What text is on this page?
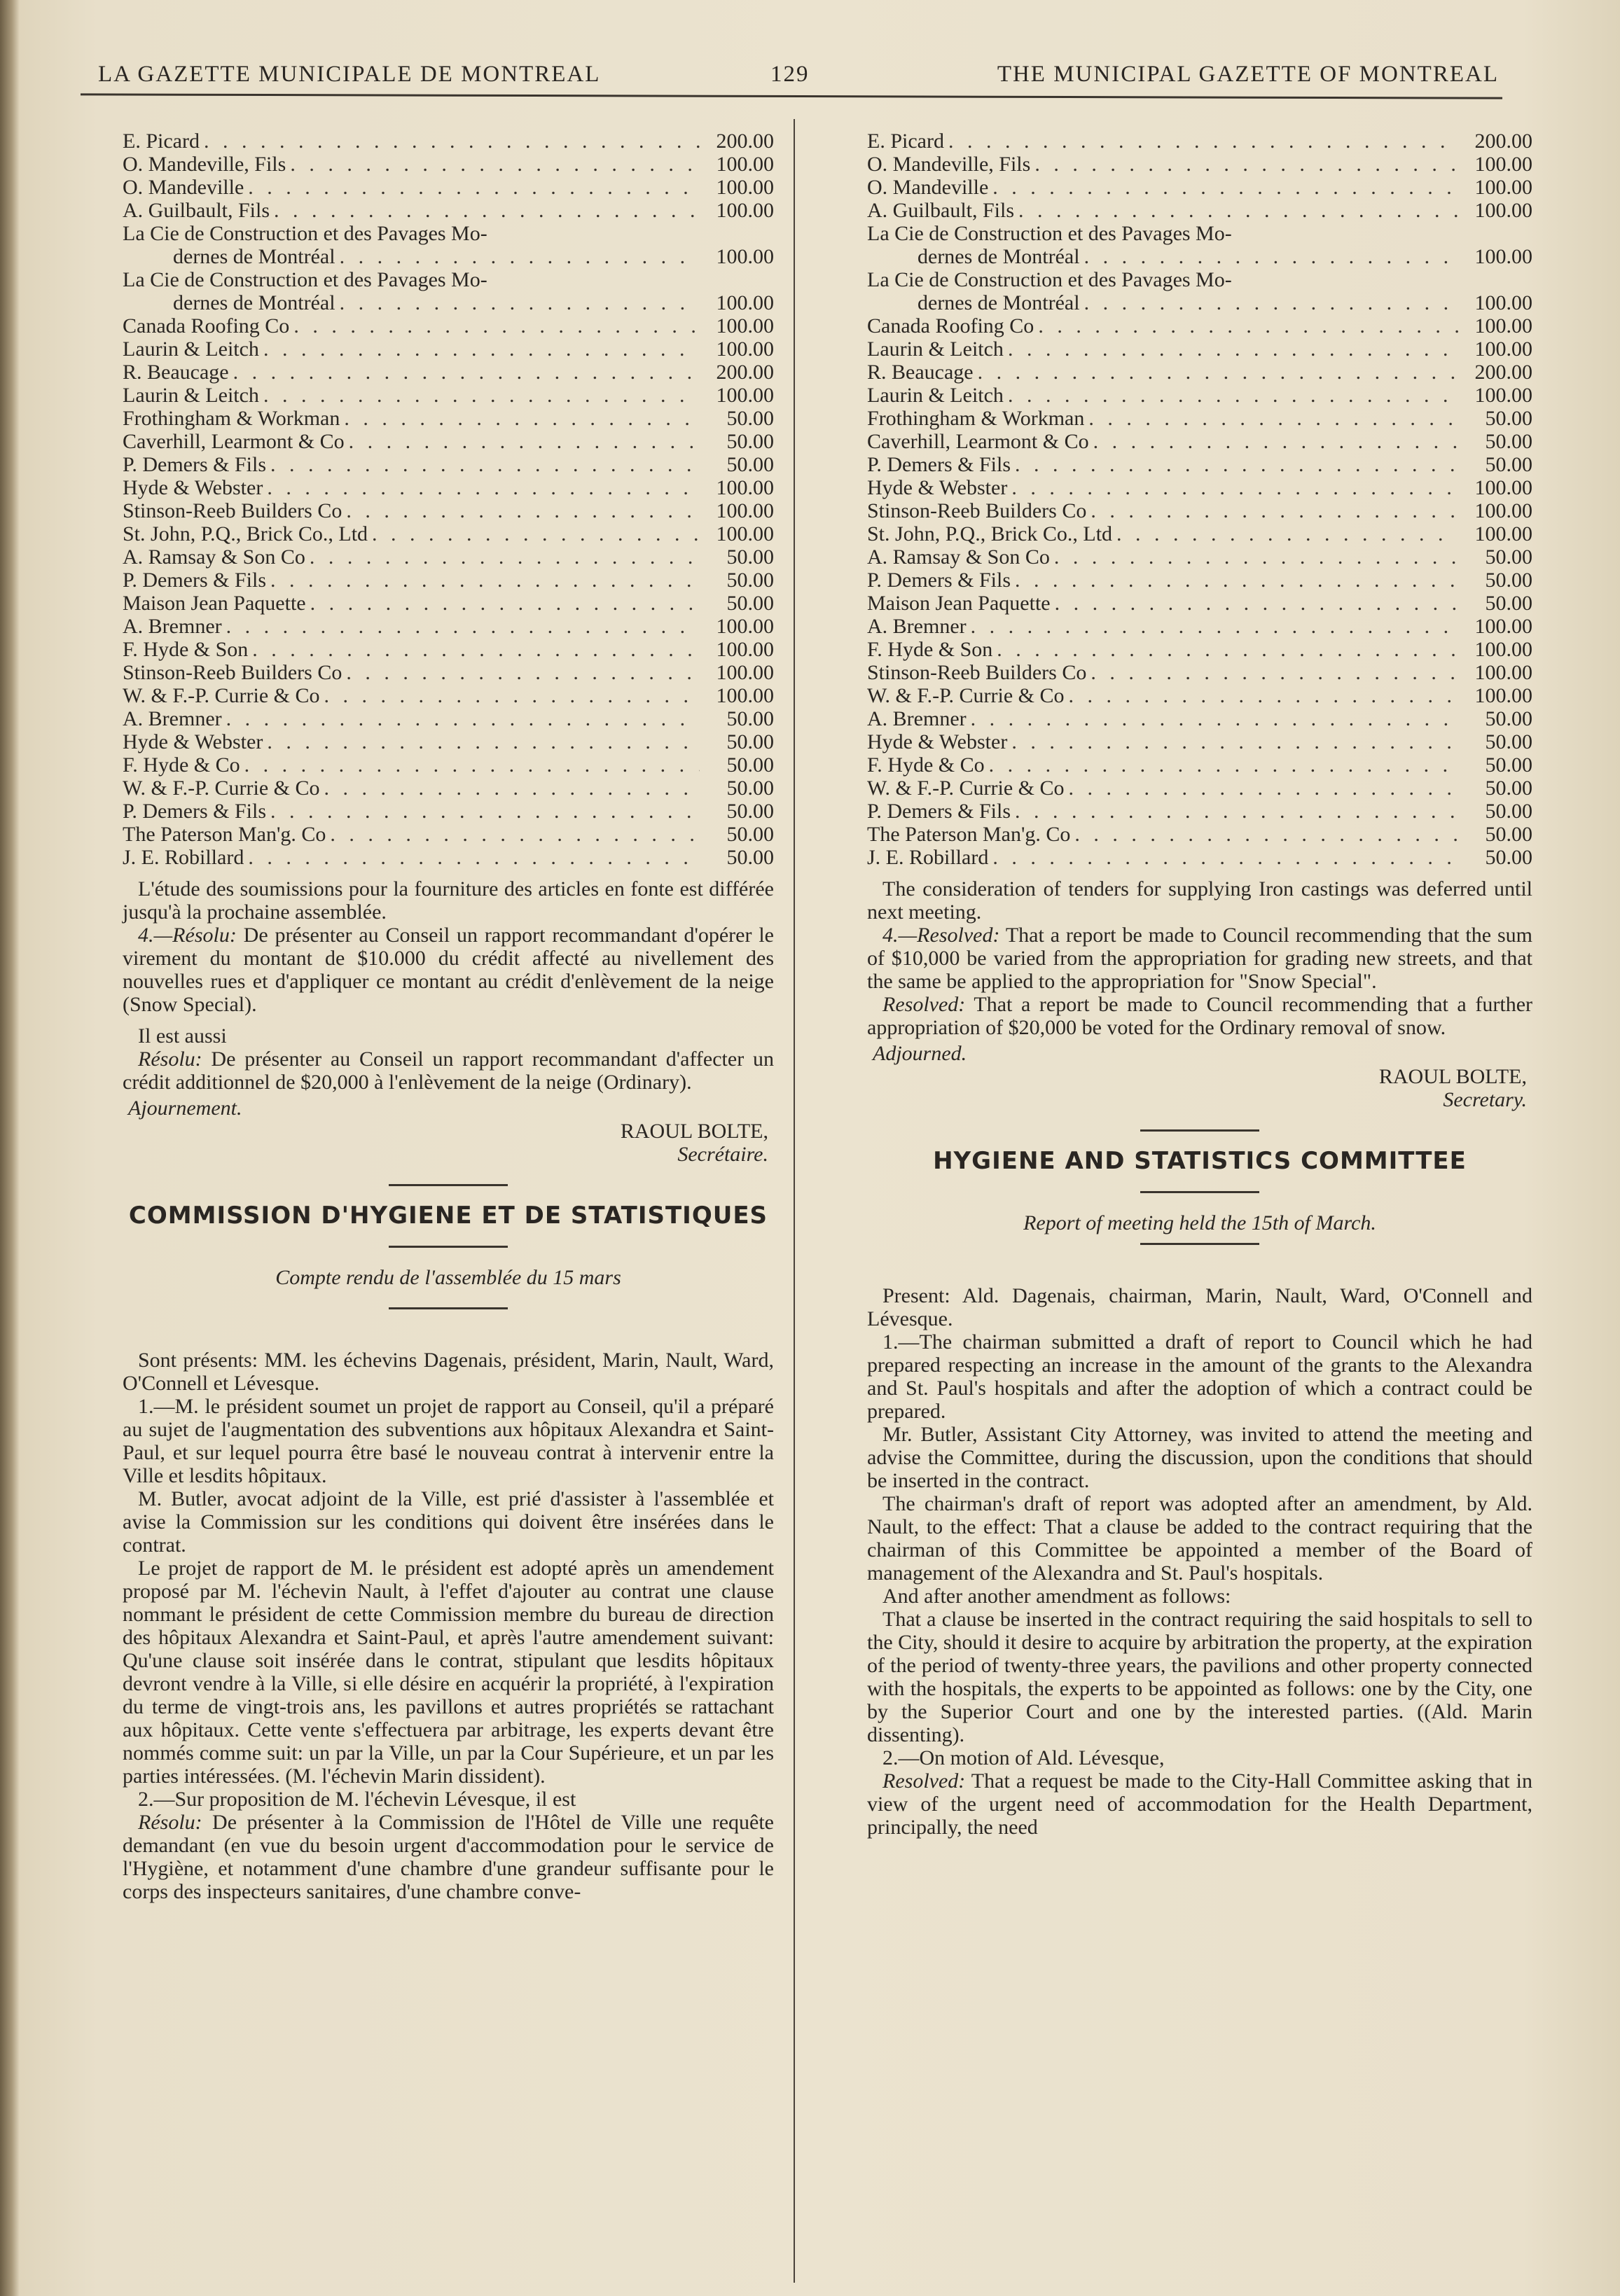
LA GAZETTE MUNICIPALE DE MONTREAL	129	THE MUNICIPAL GAZETTE OF MONTREAL
E. Picard . . .	200.00
O. Mandeville, Fils . . .	100.00
O. Mandeville . . .	100.00
A. Guilbault, Fils . . .	100.00
La Cie de Construction et des Pavages Mo-
dernes de Montréal . . .	100.00
La Cie de Construction et des Pavages Mo-
dernes de Montréal . . .	100.00
Canada Roofing Co . . .	100.00
Laurin & Leitch . . .	100.00
R. Beaucage . . .	200.00
Laurin & Leitch . . .	100.00
Frothingham & Workman . . .	50.00
Caverhill, Learmont & Co . . .	50.00
P. Demers & Fils . . .	50.00
Hyde & Webster . . .	100.00
Stinson-Reeb Builders Co . . .	100.00
St. John, P.Q., Brick Co., Ltd . . .	100.00
A. Ramsay & Son Co . . .	50.00
P. Demers & Fils . . .	50.00
Maison Jean Paquette . . .	50.00
A. Bremner . . .	100.00
F. Hyde & Son . . .	100.00
Stinson-Reeb Builders Co . . .	100.00
W. & F.-P. Currie & Co . . .	100.00
A. Bremner . . .	50.00
Hyde & Webster . . .	50.00
F. Hyde & Co . . .	50.00
W. & F.-P. Currie & Co . . .	50.00
P. Demers & Fils . . .	50.00
The Paterson Man'g. Co . . .	50.00
J. E. Robillard . . .	50.00

L'étude des soumissions pour la fourniture des articles en fonte est différée jusqu'à la prochaine assemblée.

4.—Résolu: De présenter au Conseil un rapport recommandant d'opérer le virement du montant de $10.000 du crédit affecté au nivellement des nouvelles rues et d'appliquer ce montant au crédit d'enlèvement de la neige (Snow Special).

Il est aussi

Résolu: De présenter au Conseil un rapport recommandant d'affecter un crédit additionnel de $20,000 à l'enlèvement de la neige (Ordinary).

Ajournement.
RAOUL BOLTE,
Secrétaire.
COMMISSION D'HYGIENE ET DE STATISTIQUES
Compte rendu de l'assemblée du 15 mars

Sont présents: MM. les échevins Dagenais, président, Marin, Nault, Ward, O'Connell et Lévesque.

1.—M. le président soumet un projet de rapport au Conseil, qu'il a préparé au sujet de l'augmentation des subventions aux hôpitaux Alexandra et Saint-Paul, et sur lequel pourra être basé le nouveau contrat à intervenir entre la Ville et lesdits hôpitaux.

M. Butler, avocat adjoint de la Ville, est prié d'assister à l'assemblée et avise la Commission sur les conditions qui doivent être insérées dans le contrat.

Le projet de rapport de M. le président est adopté après un amendement proposé par M. l'échevin Nault, à l'effet d'ajouter au contrat une clause nommant le président de cette Commission membre du bureau de direction des hôpitaux Alexandra et Saint-Paul, et après l'autre amendement suivant: Qu'une clause soit insérée dans le contrat, stipulant que lesdits hôpitaux devront vendre à la Ville, si elle désire en acquérir la propriété, à l'expiration du terme de vingt-trois ans, les pavillons et autres propriétés se rattachant aux hôpitaux. Cette vente s'effectuera par arbitrage, les experts devant être nommés comme suit: un par la Ville, un par la Cour Supérieure, et un par les parties intéressées. (M. l'échevin Marin dissident).

2.—Sur proposition de M. l'échevin Lévesque, il est

Résolu: De présenter à la Commission de l'Hôtel de Ville une requête demandant (en vue du besoin urgent d'accommodation pour le service de l'Hygiène, et notamment d'une chambre d'une grandeur suffisante pour le corps des inspecteurs sanitaires, d'une chambre conve-

E. Picard . . .	200.00
O. Mandeville, Fils . . .	100.00
O. Mandeville . . .	100.00
A. Guilbault, Fils . . .	100.00
La Cie de Construction et des Pavages Mo-
dernes de Montréal . . .	100.00
La Cie de Construction et des Pavages Mo-
dernes de Montréal . . .	100.00
Canada Roofing Co . . .	100.00
Laurin & Leitch . . .	100.00
R. Beaucage . . .	200.00
Laurin & Leitch . . .	100.00
Frothingham & Workman . . .	50.00
Caverhill, Learmont & Co . . .	50.00
P. Demers & Fils . . .	50.00
Hyde & Webster . . .	100.00
Stinson-Reeb Builders Co . . .	100.00
St. John, P.Q., Brick Co., Ltd . . .	100.00
A. Ramsay & Son Co . . .	50.00
P. Demers & Fils . . .	50.00
Maison Jean Paquette . . .	50.00
A. Bremner . . .	100.00
F. Hyde & Son . . .	100.00
Stinson-Reeb Builders Co . . .	100.00
W. & F.-P. Currie & Co . . .	100.00
A. Bremner . . .	50.00
Hyde & Webster . . .	50.00
F. Hyde & Co . . .	50.00
W. & F.-P. Currie & Co . . .	50.00
P. Demers & Fils . . .	50.00
The Paterson Man'g. Co . . .	50.00
J. E. Robillard . . .	50.00

The consideration of tenders for supplying Iron castings was deferred until next meeting.

4.—Resolved: That a report be made to Council recommending that the sum of $10,000 be varied from the appropriation for grading new streets, and that the same be applied to the appropriation for "Snow Special".

Resolved: That a report be made to Council recommending that a further appropriation of $20,000 be voted for the Ordinary removal of snow.

Adjourned.
RAOUL BOLTE,
Secretary.
HYGIENE AND STATISTICS COMMITTEE
Report of meeting held the 15th of March.

Present: Ald. Dagenais, chairman, Marin, Nault, Ward, O'Connell and Lévesque.

1.—The chairman submitted a draft of report to Council which he had prepared respecting an increase in the amount of the grants to the Alexandra and St. Paul's hospitals and after the adoption of which a contract could be prepared.

Mr. Butler, Assistant City Attorney, was invited to attend the meeting and advise the Committee, during the discussion, upon the conditions that should be inserted in the contract.

The chairman's draft of report was adopted after an amendment, by Ald. Nault, to the effect: That a clause be added to the contract requiring that the chairman of this Committee be appointed a member of the Board of management of the Alexandra and St. Paul's hospitals.

And after another amendment as follows:

That a clause be inserted in the contract requiring the said hospitals to sell to the City, should it desire to acquire by arbitration the property, at the expiration of the period of twenty-three years, the pavilions and other property connected with the hospitals, the experts to be appointed as follows: one by the City, one by the Superior Court and one by the interested parties. ((Ald. Marin dissenting).

2.—On motion of Ald. Lévesque,

Resolved: That a request be made to the City-Hall Committee asking that in view of the urgent need of accommodation for the Health Department, principally, the need
